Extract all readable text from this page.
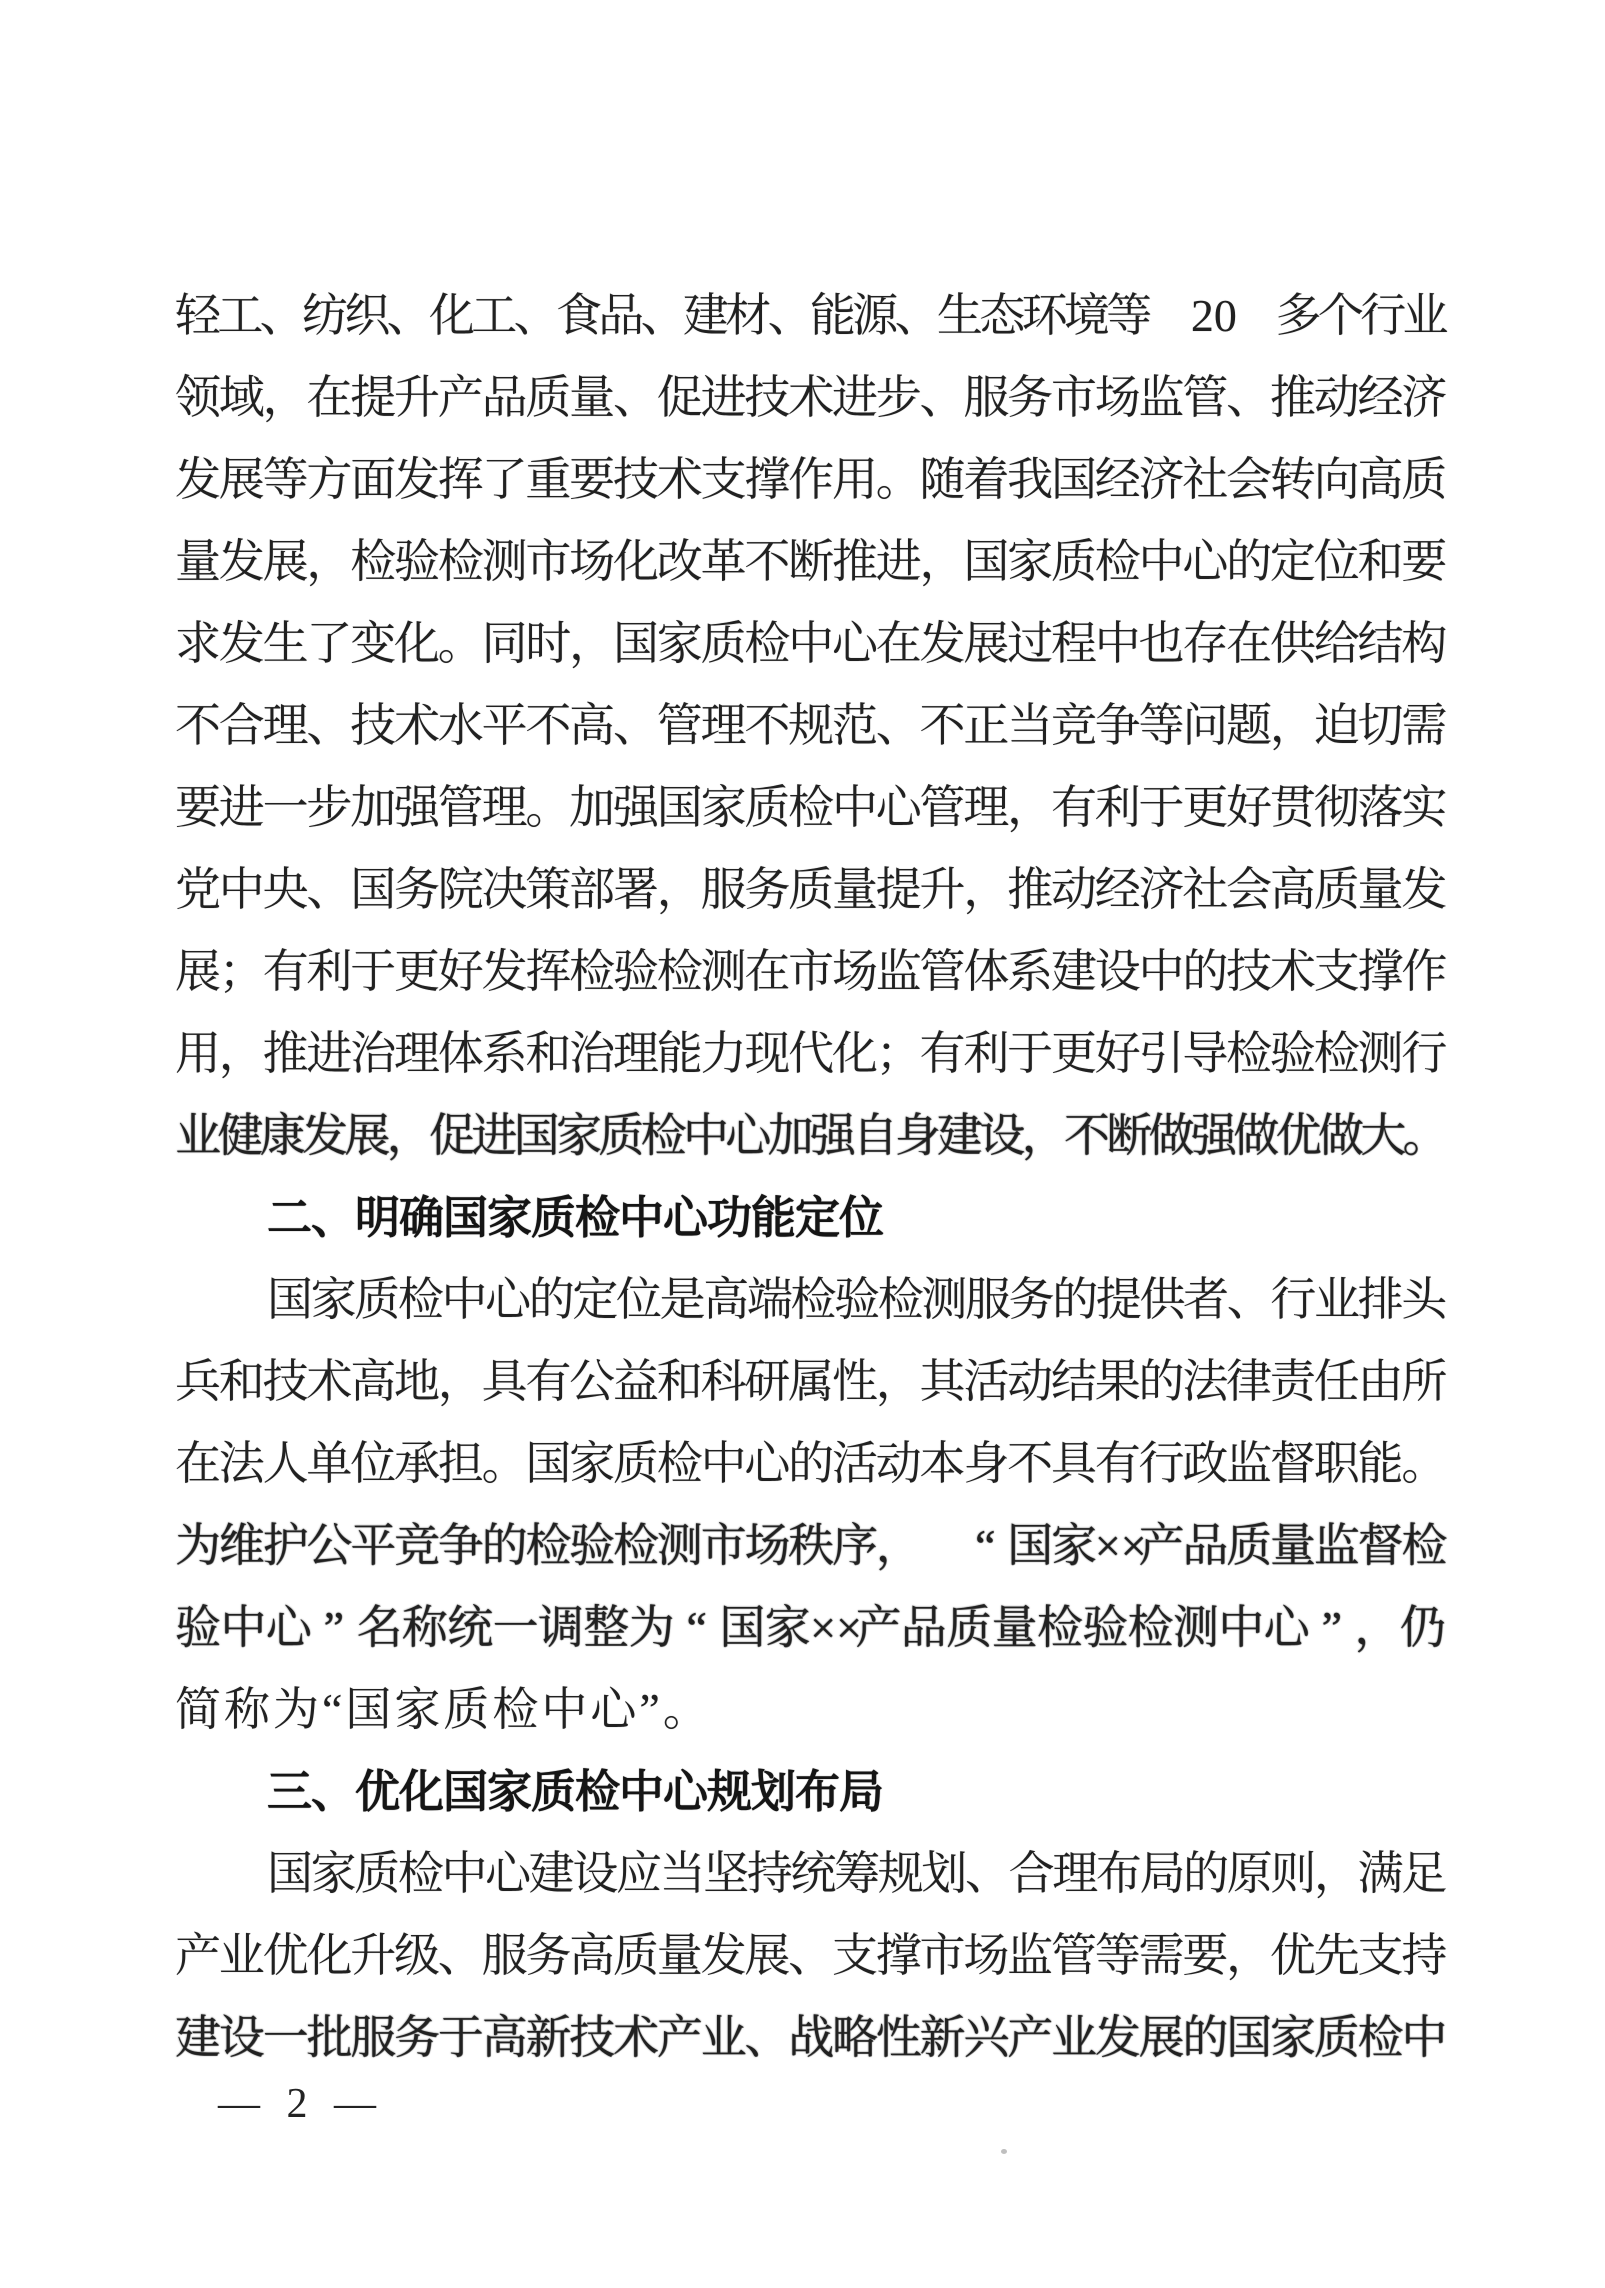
轻
工
、
纺
织
、
化
工
、
食
品
、
建
材
、
能
源
、
生
态
环
境
等 20 多
个
行
业
领
域
，
在
提
升
产
品
质
量
、
促
进
技
术
进
步
、
服
务
市
场
监
管
、
推
动
经
济
发
展
等
方
面
发
挥
了
重
要
技
术
支
撑
作
用
。
随
着
我
国
经
济
社
会
转
向
高
质
量
发
展
，
检
验
检
测
市
场
化
改
革
不
断
推
进
，
国
家
质
检
中
心
的
定
位
和
要
求
发
生
了
变
化
。
同
时
，
国
家
质
检
中
心
在
发
展
过
程
中
也
存
在
供
给
结
构
不
合
理
、
技
术
水
平
不
高
、
管
理
不
规
范
、
不
正
当
竞
争
等
问
题
，
迫
切
需
要
进
一
步
加
强
管
理
。
加
强
国
家
质
检
中
心
管
理
，
有
利
于
更
好
贯
彻
落
实
党
中
央
、
国
务
院
决
策
部
署
，
服
务
质
量
提
升
，
推
动
经
济
社
会
高
质
量
发
展
；
有
利
于
更
好
发
挥
检
验
检
测
在
市
场
监
管
体
系
建
设
中
的
技
术
支
撑
作
用
，
推
进
治
理
体
系
和
治
理
能
力
现
代
化
；
有
利
于
更
好
引
导
检
验
检
测
行
业
健
康
发
展
，
促
进
国
家
质
检
中
心
加
强
自
身
建
设
，
不
断
做
强
做
优
做
大
。
二、明确国家质检中心功能定位
国
家
质
检
中
心
的
定
位
是
高
端
检
验
检
测
服
务
的
提
供
者
、
行
业
排
头
兵
和
技
术
高
地
，
具
有
公
益
和
科
研
属
性
，
其
活
动
结
果
的
法
律
责
任
由
所
在
法
人
单
位
承
担
。
国
家
质
检
中
心
的
活
动
本
身
不
具
有
行
政
监
督
职
能
。
为
维
护
公
平
竞
争
的
检
验
检
测
市
场
秩
序
，
　 “ 国
家
××
产
品
质
量
监
督
检
验 中 心 ” 名 称 统 一 调 整 为 “ 国 家 ××
产 品 质 量 检 验 检 测 中 心 ” ， 仍
简称为“国家质检中心”。
三、优化国家质检中心规划布局
国
家
质
检
中
心
建
设
应
当
坚
持
统
筹
规
划
、
合
理
布
局
的
原
则
，
满
足
产
业
优
化
升
级
、
服
务
高
质
量
发
展
、
支
撑
市
场
监
管
等
需
要
，
优
先
支
持
建
设
一
批
服
务
于
高
新
技
术
产
业
、
战
略
性
新
兴
产
业
发
展
的
国
家
质
检
中
— 2 —
